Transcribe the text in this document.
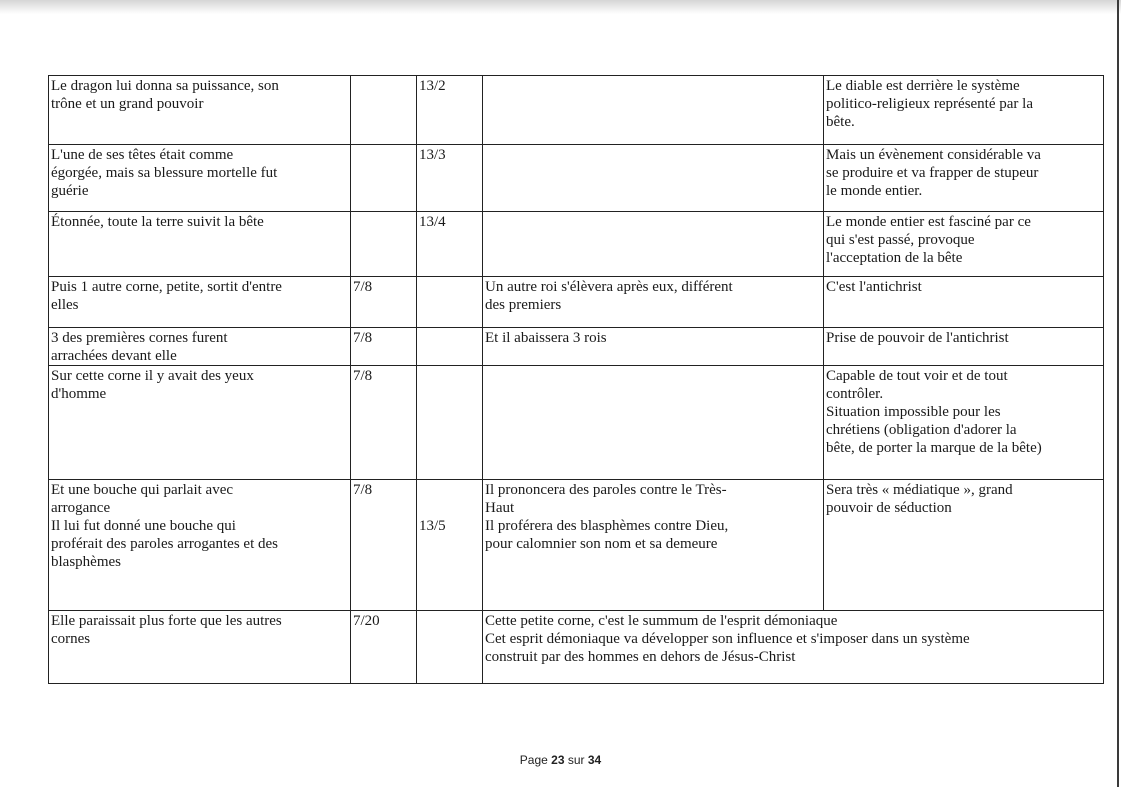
Le dragon lui donna sa puissance, son
trône et un grand pouvoir		13/2		Le diable est derrière le système
politico-religieux représenté par la
bête.

L'une de ses têtes était comme
égorgée, mais sa blessure mortelle fut
guérie		13/3		Mais un évènement considérable va
se produire et va frapper de stupeur
le monde entier.

Étonnée, toute la terre suivit la bête		13/4		Le monde entier est fasciné par ce
qui s'est passé, provoque
l'acceptation de la bête

Puis 1 autre corne, petite, sortit d'entre
elles	7/8		Un autre roi s'élèvera après eux, différent
des premiers	C'est l'antichrist

3 des premières cornes furent
arrachées devant elle	7/8		Et il abaissera 3 rois	Prise de pouvoir de l'antichrist

Sur cette corne il y avait des yeux
d'homme	7/8			Capable de tout voir et de tout
contrôler.
Situation impossible pour les
chrétiens (obligation d'adorer la
bête, de porter la marque de la bête)

Et une bouche qui parlait avec
arrogance
Il lui fut donné une bouche qui
proférait des paroles arrogantes et des
blasphèmes	7/8	13/5	Il prononcera des paroles contre le Très-
Haut
Il proférera des blasphèmes contre Dieu,
pour calomnier son nom et sa demeure	Sera très « médiatique », grand
pouvoir de séduction

Elle paraissait plus forte que les autres
cornes	7/20		Cette petite corne, c'est le summum de l'esprit démoniaque
Cet esprit démoniaque va développer son influence et s'imposer dans un système
construit par des hommes en dehors de Jésus-Christ	
Page 23 sur 34
